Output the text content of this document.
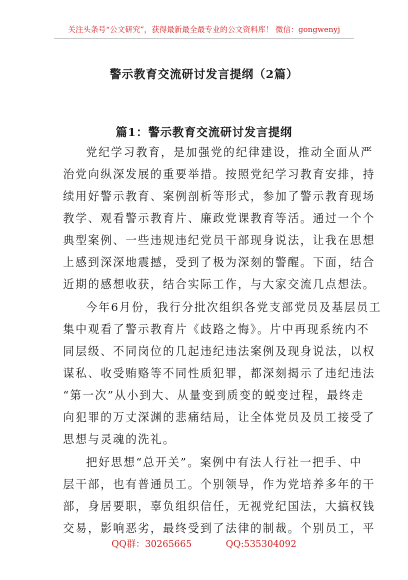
关注头条号“公文研究”，获得最新最全最专业的公文资料库！ 微信：gongwenyj
警示教育交流研讨发言提纲（2篇）
篇1：警示教育交流研讨发言提纲
党纪学习教育，是加强党的纪律建设，推动全面从严
治党向纵深发展的重要举措。按照党纪学习教育安排，持
续用好警示教育、案例剖析等形式，参加了警示教育现场
教学、观看警示教育片、廉政党课教育等活。通过一个个
典型案例、一些违规违纪党员干部现身说法，让我在思想
上感到深深地震撼，受到了极为深刻的警醒。下面，结合
近期的感想收获，结合实际工作，与大家交流几点想法。
今年6月份，我行分批次组织各党支部党员及基层员工
集中观看了警示教育片《歧路之悔》。片中再现系统内不
同层级、不同岗位的几起违纪违法案例及现身说法，以权
谋私、收受贿赂等不同性质犯罪，都深刻揭示了违纪违法
“第一次”从小到大、从量变到质变的蜕变过程，最终走
向犯罪的万丈深渊的悲痛结局，让全体党员及员工接受了
思想与灵魂的洗礼。
把好思想“总开关”。案例中有法人行社一把手、中
层干部，也有普通员工。个别领导，作为党培养多年的干
部，身居要职，辜负组织信任，无视党纪国法，大搞权钱
交易，影响恶劣，最终受到了法律的制裁。个别员工，平
QQ群：30265665	QQ:535304092
